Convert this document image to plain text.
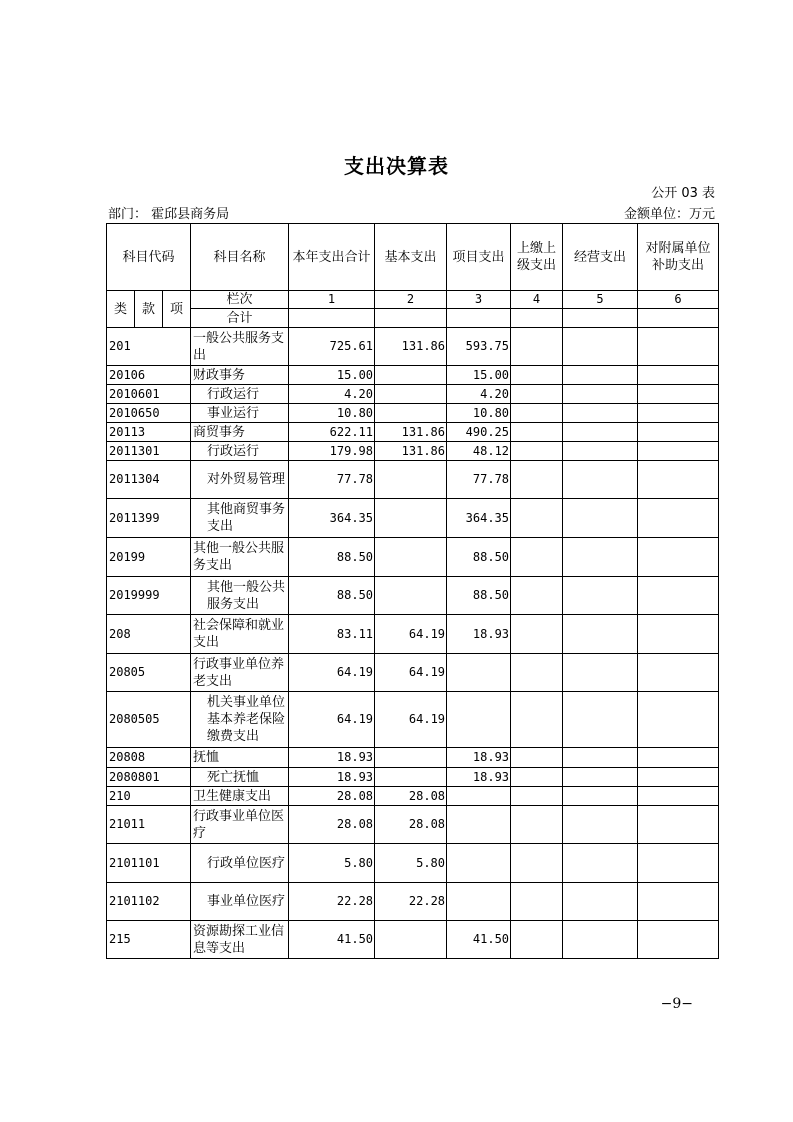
支出决算表
公开 03 表
部门： 霍邱县商务局	金额单位：万元
科目代码			科目名称	本年支出合计	基本支出	项目支出	上缴上级支出	经营支出	对附属单位补助支出
类	款	项	栏次	1	2	3	4	5	6
			合计						
201			一般公共服务支出	725.61	131.86	593.75			
20106			财政事务	15.00		15.00			
2010601			行政运行	4.20		4.20			
2010650			事业运行	10.80		10.80			
20113			商贸事务	622.11	131.86	490.25			
2011301			行政运行	179.98	131.86	48.12			
2011304			对外贸易管理	77.78		77.78			
2011399			其他商贸事务支出	364.35		364.35			
20199			其他一般公共服务支出	88.50		88.50			
2019999			其他一般公共服务支出	88.50		88.50			
208			社会保障和就业支出	83.11	64.19	18.93			
20805			行政事业单位养老支出	64.19	64.19				
2080505			机关事业单位基本养老保险缴费支出	64.19	64.19				
20808			抚恤	18.93		18.93			
2080801			死亡抚恤	18.93		18.93			
210			卫生健康支出	28.08	28.08				
21011			行政事业单位医疗	28.08	28.08				
2101101			行政单位医疗	5.80	5.80				
2101102			事业单位医疗	22.28	22.28				
215			资源勘探工业信息等支出	41.50		41.50			
−9−
